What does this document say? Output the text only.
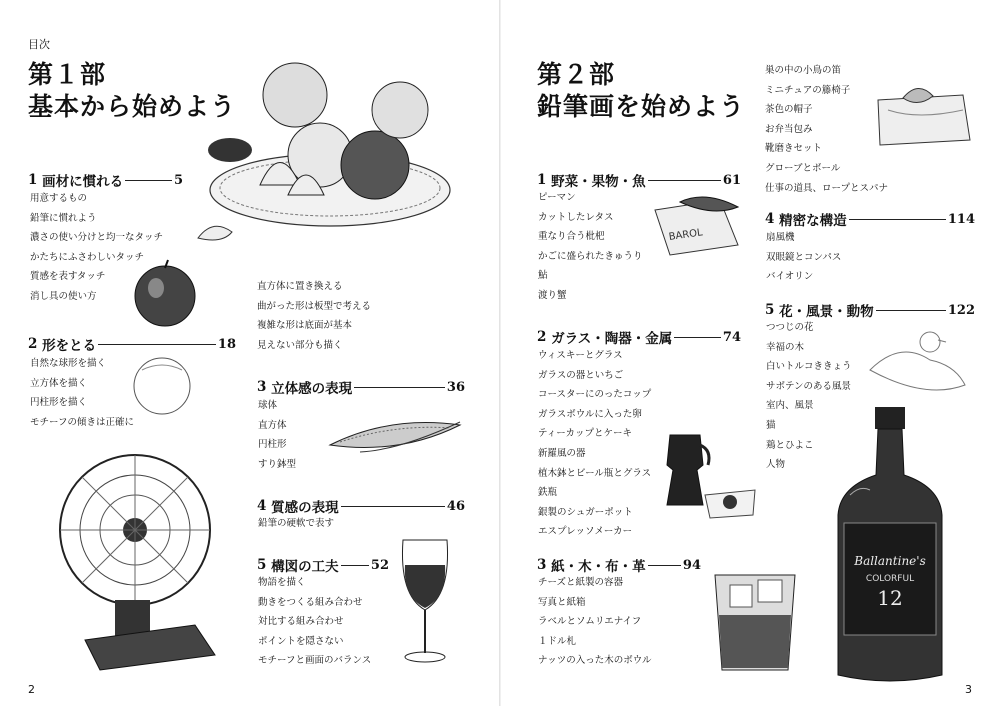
目次
第１部
基本から始めよう
1
画材に慣れる	5
用意するもの
鉛筆に慣れよう
濃さの使い分けと均一なタッチ
かたちにふさわしいタッチ
質感を表すタッチ
消し具の使い方
2
形をとる	18
自然な球形を描く
立方体を描く
円柱形を描く
モチーフの傾きは正確に
直方体に置き換える
曲がった形は板型で考える
複雑な形は底面が基本
見えない部分も描く
3
立体感の表現	36
球体
直方体
円柱形
すり鉢型
4
質感の表現	46
鉛筆の硬軟で表す
5
構図の工夫 52
物語を描く
動きをつくる組み合わせ
対比する組み合わせ
ポイントを隠さない
モチーフと画面のバランス
2
第２部
鉛筆画を始めよう
1
野菜・果物・魚	61
ピーマン
カットしたレタス
重なり合う枇杷
かごに盛られたきゅうり
鮎
渡り蟹
BAROL
2
ガラス・陶器・金属	74
ウィスキーとグラス
ガラスの器といちご
コースターにのったコップ
ガラスボウルに入った卵
ティーカップとケーキ
新羅風の器
植木鉢とビール瓶とグラス
鉄瓶
銀製のシュガーポット
エスプレッソメーカー
3
紙・木・布・革	94
チーズと紙製の容器
写真と紙箱
ラベルとソムリエナイフ
１ドル札
ナッツの入った木のボウル
巣の中の小鳥の笛
ミニチュアの籐椅子
茶色の帽子
お弁当包み
靴磨きセット
グローブとボール
仕事の道具、ロープとスパナ
4
精密な構造	114
扇風機
双眼鏡とコンパス
バイオリン
5
花・風景・動物	122
つつじの花
幸福の木
白いトルコききょう
サボテンのある風景
室内、風景
猫
鶏とひよこ
人物
Ballantine's
COLORFUL
12
3
